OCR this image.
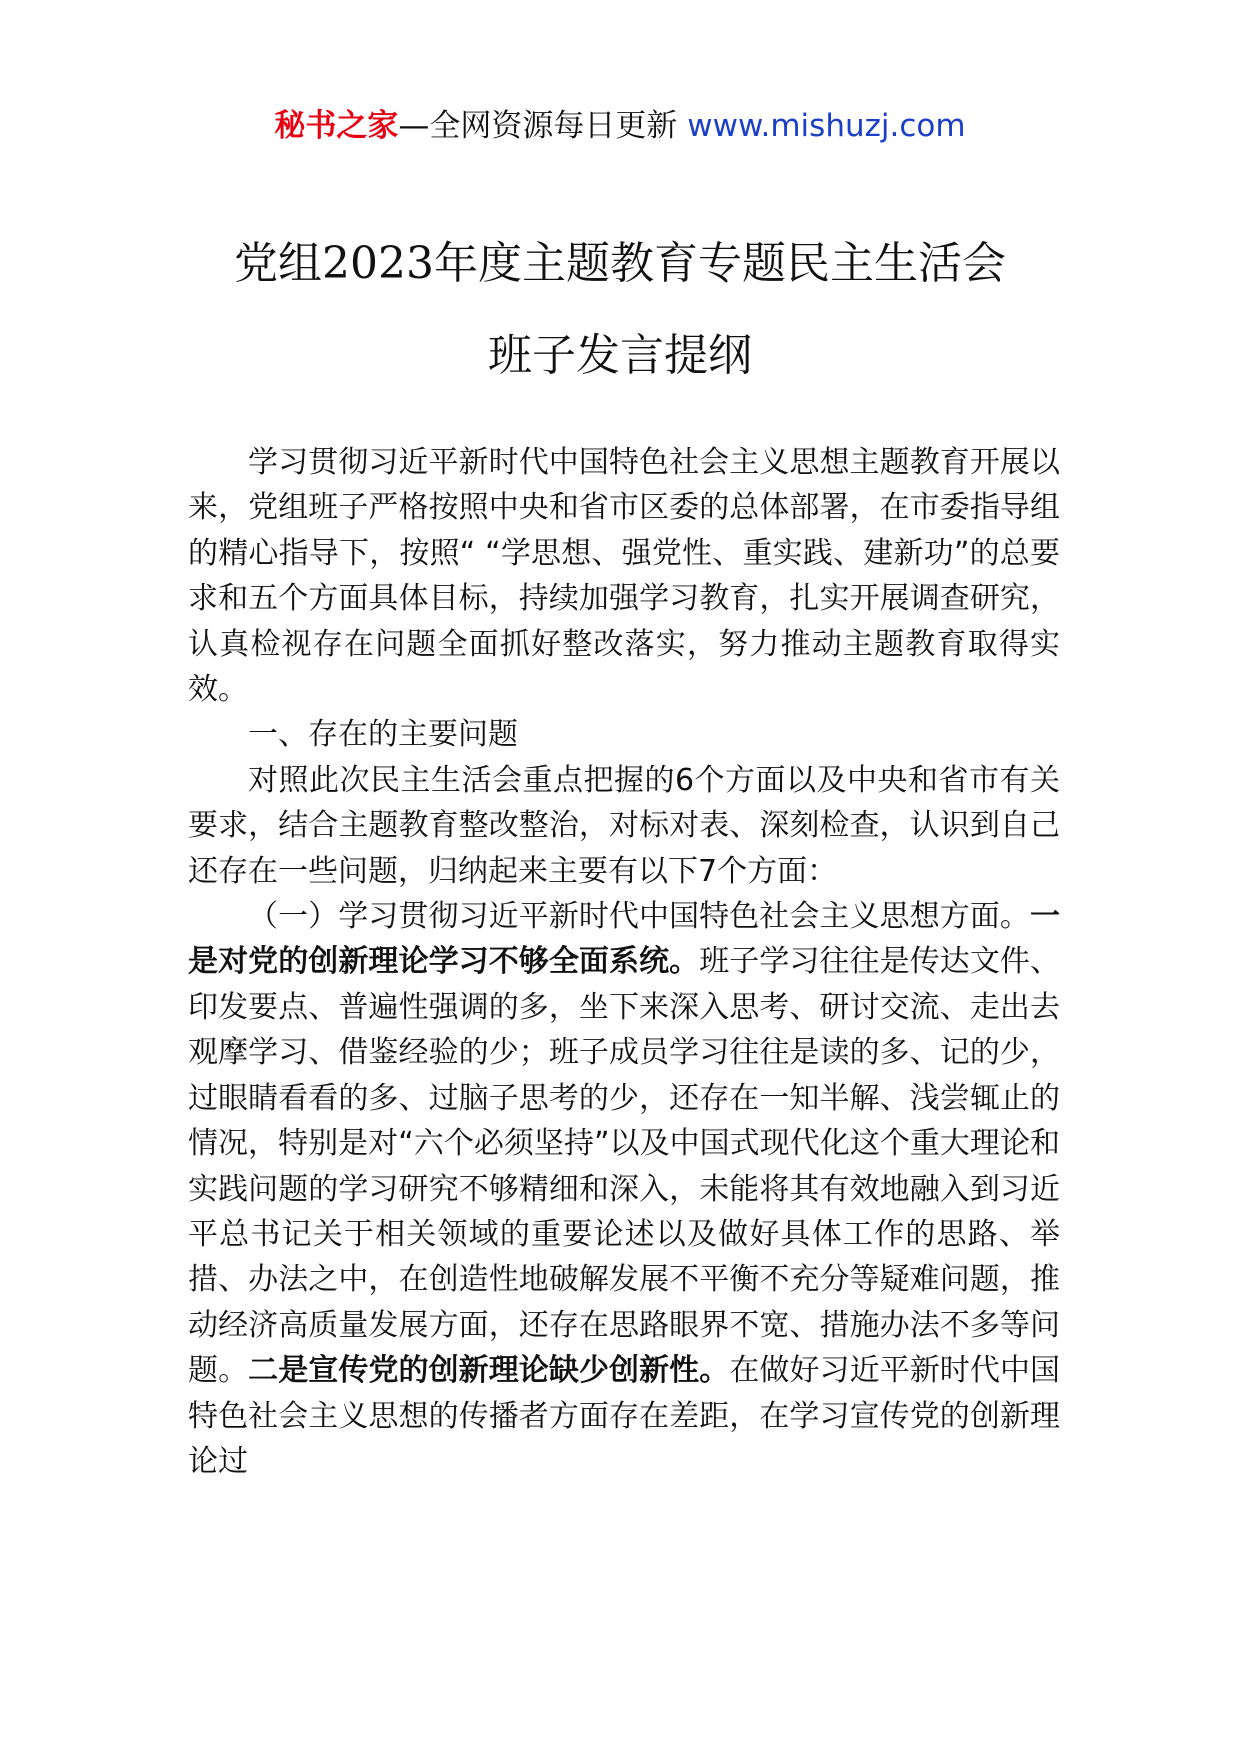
秘书之家—全网资源每日更新 www.mishuzj.com
党组2023年度主题教育专题民主生活会
班子发言提纲

学习贯彻习近平新时代中国特色社会主义思想主题教育开展以来，党组班子严格按照中央和省市区委的总体部署，在市委指导组的精心指导下，按照“ “学思想、强党性、重实践、建新功”的总要求和五个方面具体目标，持续加强学习教育，扎实开展调查研究，认真检视存在问题全面抓好整改落实，努力推动主题教育取得实效。

一、存在的主要问题

对照此次民主生活会重点把握的6个方面以及中央和省市有关要求，结合主题教育整改整治，对标对表、深刻检查，认识到自己还存在一些问题，归纳起来主要有以下7个方面：

（一）学习贯彻习近平新时代中国特色社会主义思想方面。一是对党的创新理论学习不够全面系统。班子学习往往是传达文件、印发要点、普遍性强调的多，坐下来深入思考、研讨交流、走出去观摩学习、借鉴经验的少；班子成员学习往往是读的多、记的少，过眼睛看看的多、过脑子思考的少，还存在一知半解、浅尝辄止的情况，特别是对“六个必须坚持”以及中国式现代化这个重大理论和实践问题的学习研究不够精细和深入，未能将其有效地融入到习近平总书记关于相关领域的重要论述以及做好具体工作的思路、举措、办法之中，在创造性地破解发展不平衡不充分等疑难问题，推动经济高质量发展方面，还存在思路眼界不宽、措施办法不多等问题。二是宣传党的创新理论缺少创新性。在做好习近平新时代中国特色社会主义思想的传播者方面存在差距，在学习宣传党的创新理论过
